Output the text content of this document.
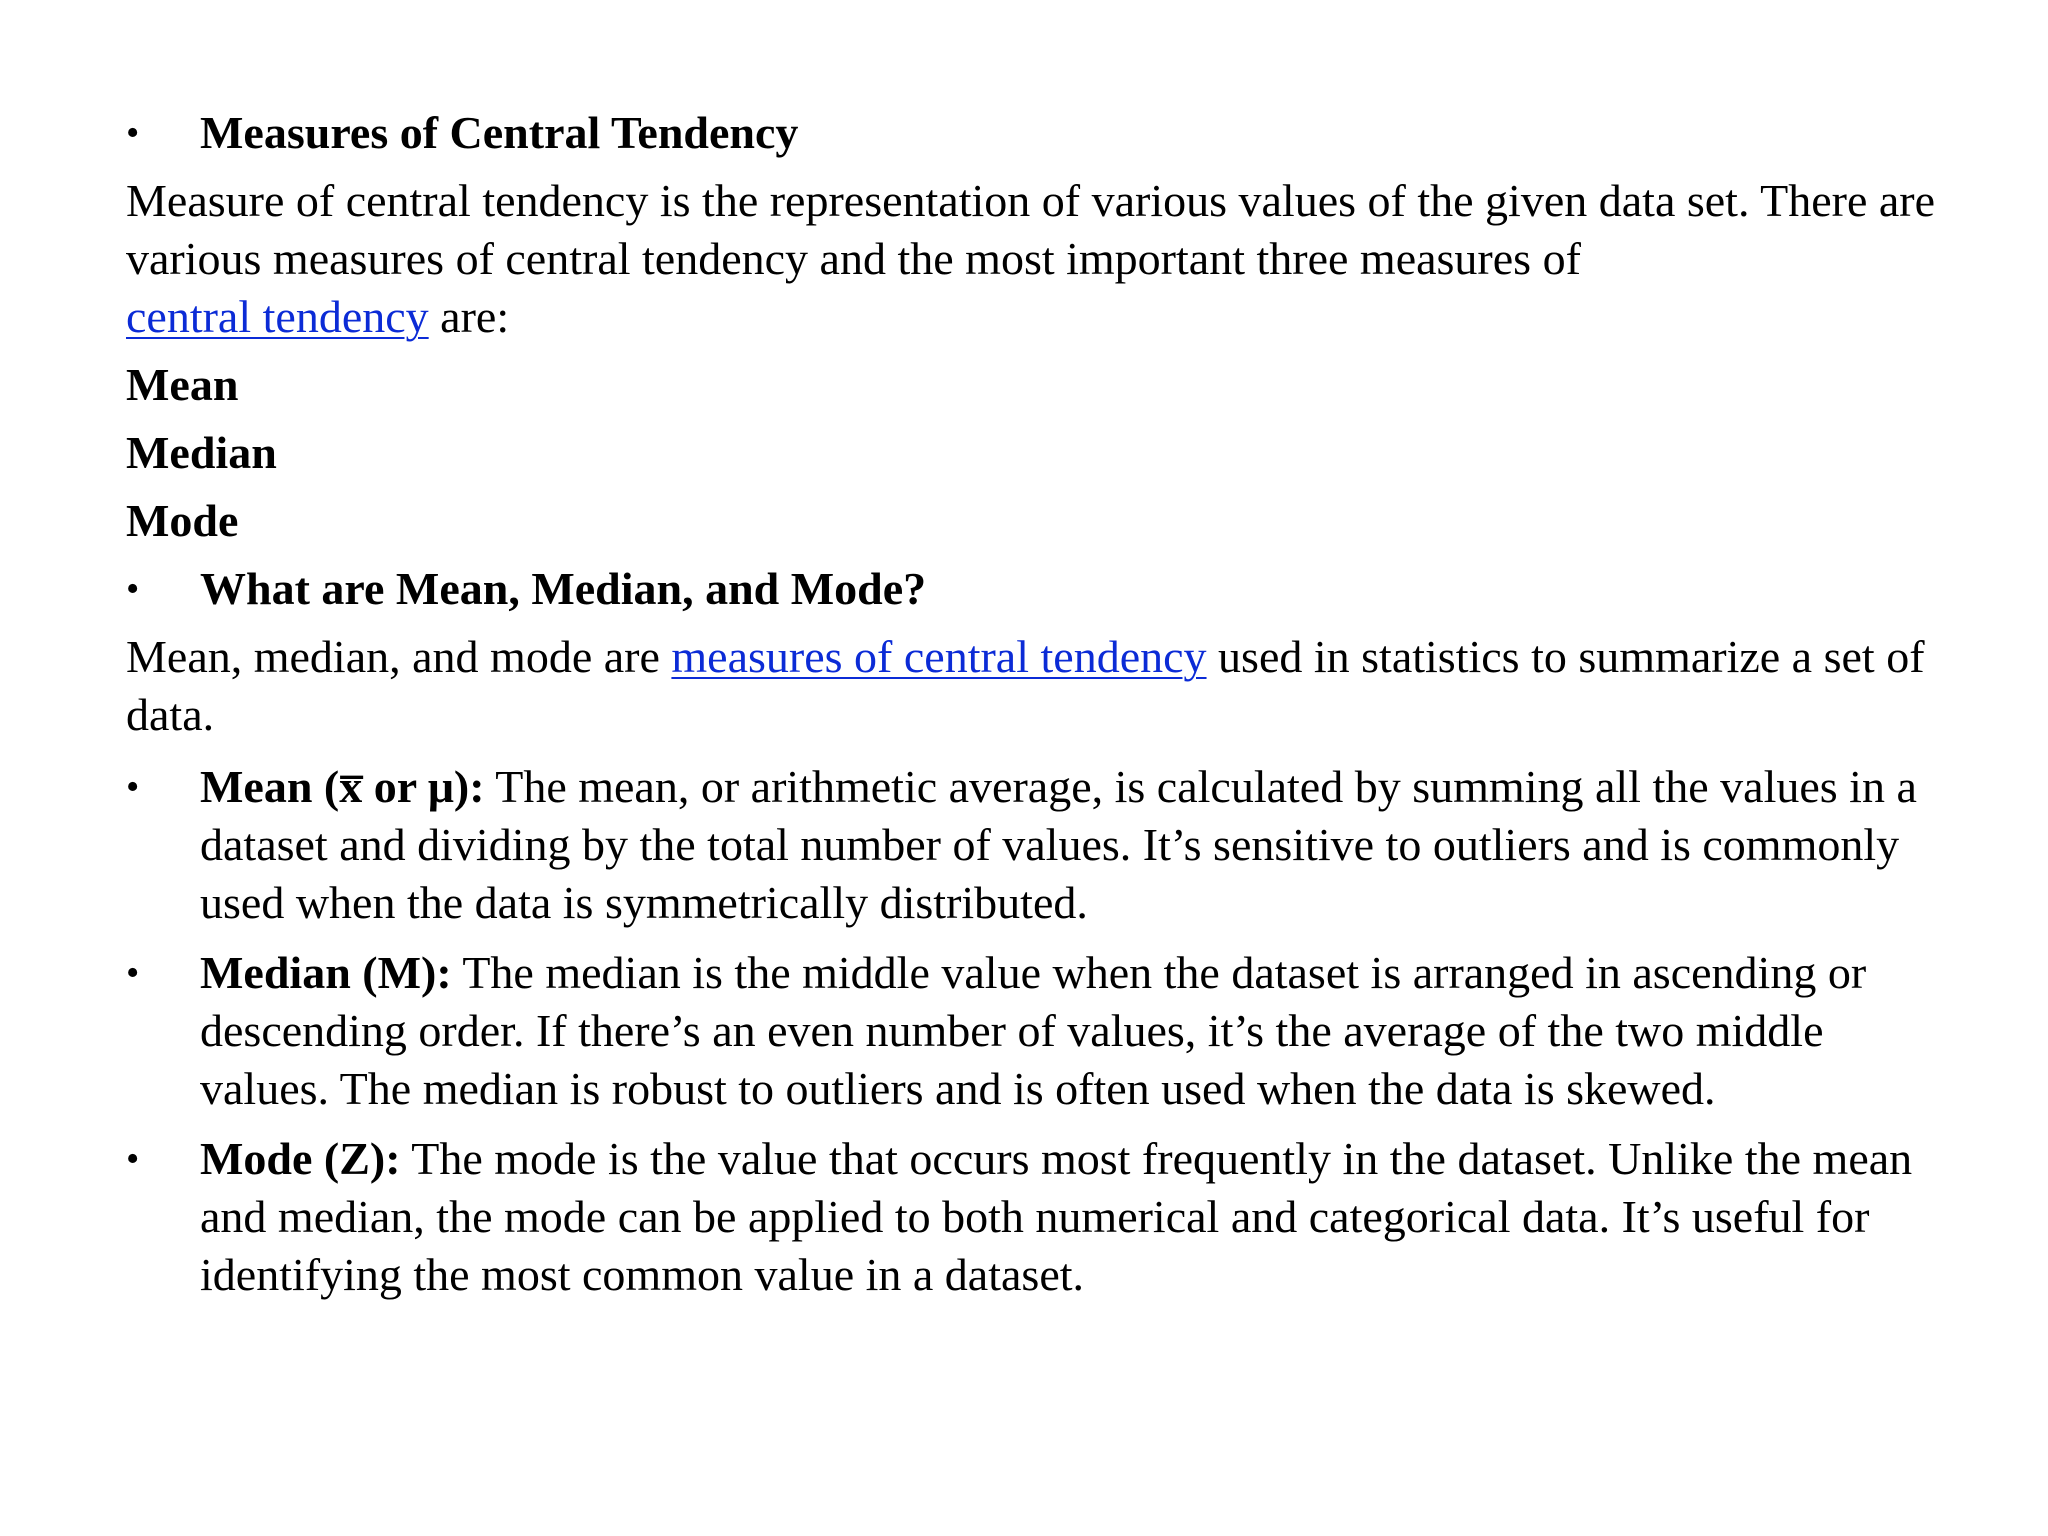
•	Measures of Central Tendency
Measure of central tendency is the representation of various values of the given data set. There are various measures of central tendency and the most important three measures of
central tendency are:
Mean
Median
Mode
•	What are Mean, Median, and Mode?
Mean, median, and mode are measures of central tendency used in statistics to summarize a set of data.
•	Mean (x̅ or μ): The mean, or arithmetic average, is calculated by summing all the values in a dataset and dividing by the total number of values. It’s sensitive to outliers and is commonly used when the data is symmetrically distributed.
•	Median (M): The median is the middle value when the dataset is arranged in ascending or descending order. If there’s an even number of values, it’s the average of the two middle values. The median is robust to outliers and is often used when the data is skewed.
•	Mode (Z): The mode is the value that occurs most frequently in the dataset. Unlike the mean and median, the mode can be applied to both numerical and categorical data. It’s useful for identifying the most common value in a dataset.
